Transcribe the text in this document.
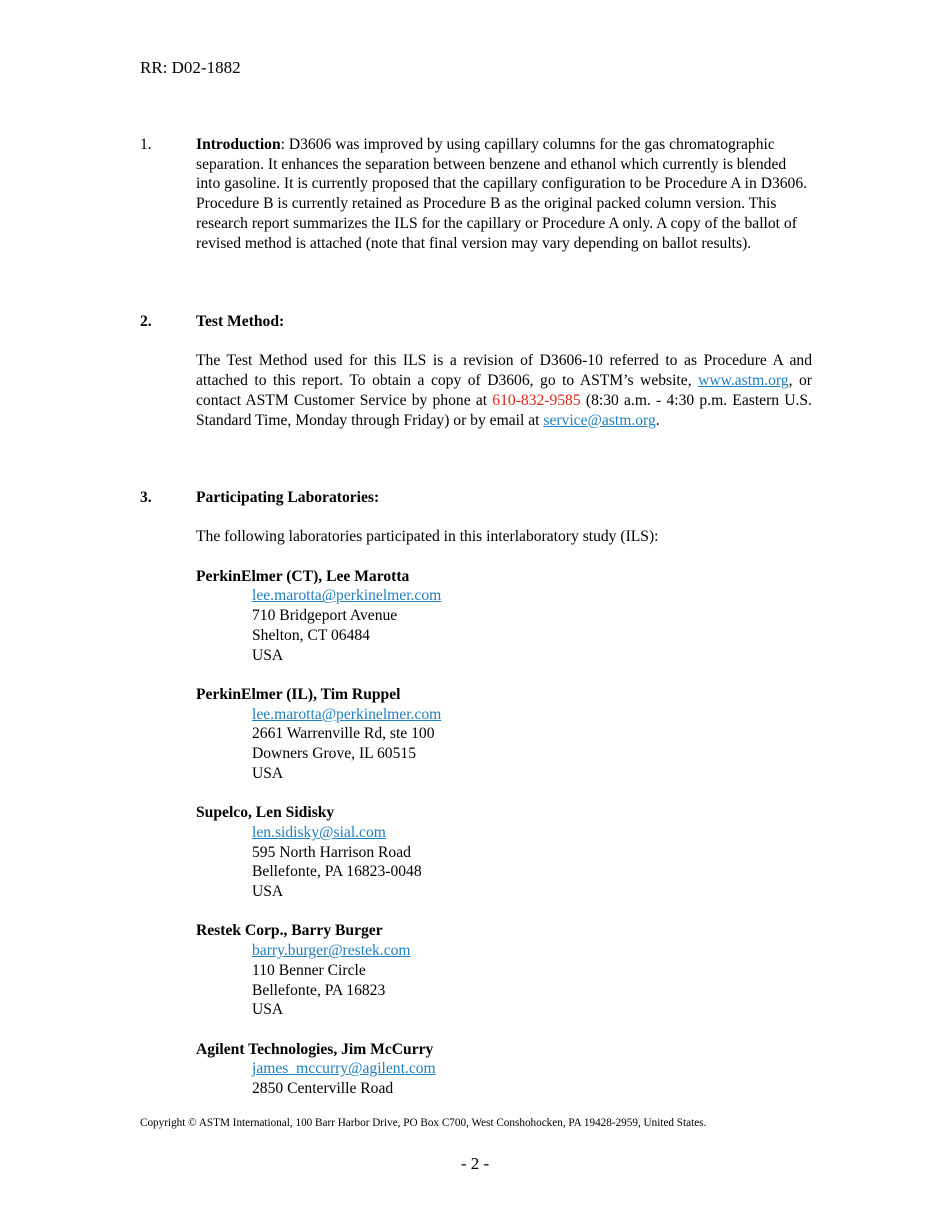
RR: D02-1882
1.	Introduction: D3606 was improved by using capillary columns for the gas chromatographic separation. It enhances the separation between benzene and ethanol which currently is blended into gasoline. It is currently proposed that the capillary configuration to be Procedure A in D3606. Procedure B is currently retained as Procedure B as the original packed column version. This research report summarizes the ILS for the capillary or Procedure A only. A copy of the ballot of revised method is attached (note that final version may vary depending on ballot results).
2.	Test Method:
The Test Method used for this ILS is a revision of D3606-10 referred to as Procedure A and attached to this report. To obtain a copy of D3606, go to ASTM’s website, www.astm.org, or contact ASTM Customer Service by phone at 610-832-9585 (8:30 a.m. - 4:30 p.m. Eastern U.S. Standard Time, Monday through Friday) or by email at service@astm.org.
3.	Participating Laboratories:
The following laboratories participated in this interlaboratory study (ILS):
PerkinElmer (CT), Lee Marotta
lee.marotta@perkinelmer.com
710 Bridgeport Avenue
Shelton, CT 06484
USA
PerkinElmer (IL), Tim Ruppel
lee.marotta@perkinelmer.com
2661 Warrenville Rd, ste 100
Downers Grove, IL 60515
USA
Supelco, Len Sidisky
len.sidisky@sial.com
595 North Harrison Road
Bellefonte, PA 16823-0048
USA
Restek Corp., Barry Burger
barry.burger@restek.com
110 Benner Circle
Bellefonte, PA 16823
USA
Agilent Technologies, Jim McCurry
james_mccurry@agilent.com
2850 Centerville Road
Copyright © ASTM International, 100 Barr Harbor Drive, PO Box C700, West Conshohocken, PA 19428-2959, United States.
- 2 -
